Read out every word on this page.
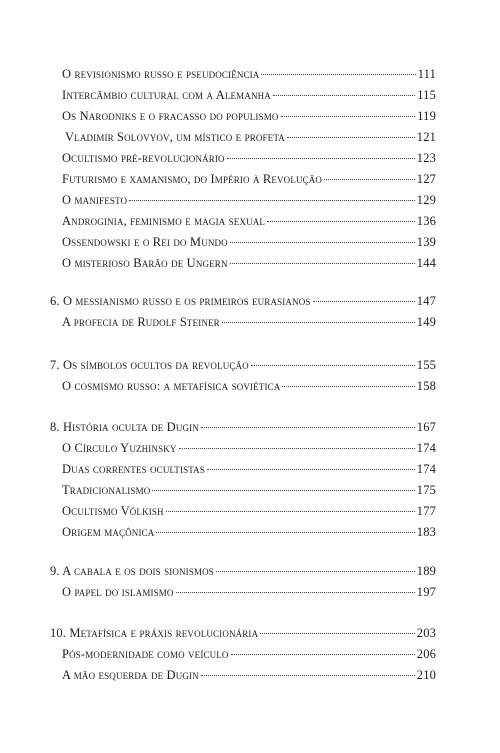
O revisionismo russo e pseudociência	111
Intercâmbio cultural com a Alemanha	115
Os Narodniks e o fracasso do populismo	119
Vladimir Solovyov, um místico e profeta	121
Ocultismo pré-revolucionário	123
Futurismo e xamanismo, do Império à Revolução	127
O manifesto	129
Androginia, feminismo e magia sexual	136
Ossendowski e o Rei do Mundo	139
O misterioso Barão de Ungern	144
6. O messianismo russo e os primeiros eurasianos	147
A profecia de Rudolf Steiner	149
7. Os símbolos ocultos da revolução	155
O cosmismo russo: a metafísica soviética	158
8. História oculta de Dugin	167
O Círculo Yuzhinsky	174
Duas correntes ocultistas	174
Tradicionalismo	175
Ocultismo Völkish	177
Origem maçônica	183
9. A cabala e os dois sionismos	189
O papel do islamismo	197
10. Metafísica e práxis revolucionária	203
Pós-modernidade como veículo	206
A mão esquerda de Dugin	210
